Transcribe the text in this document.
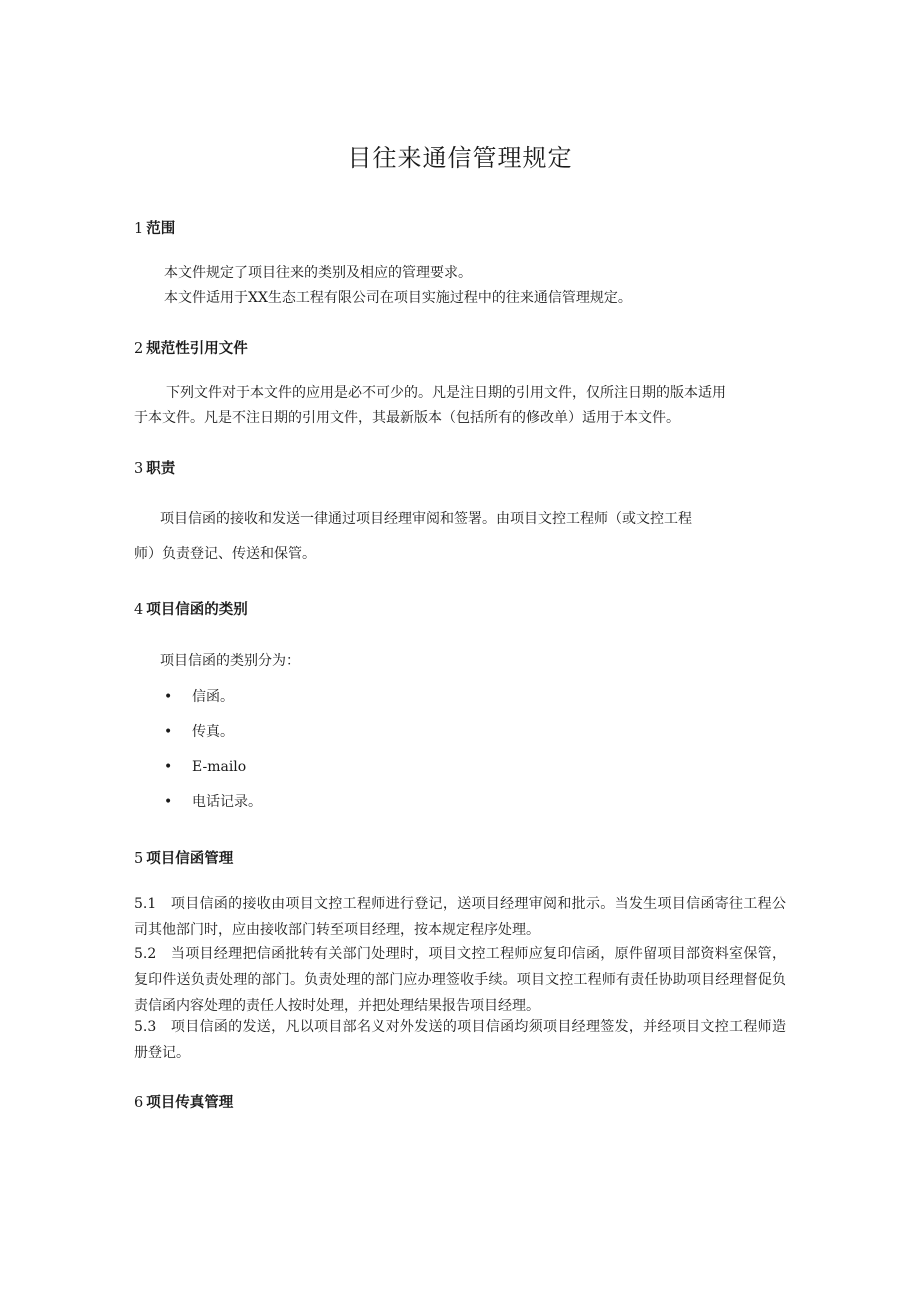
目往来通信管理规定
1 范围

本文件规定了项目往来的类别及相应的管理要求。

本文件适用于XX生态工程有限公司在项目实施过程中的往来通信管理规定。

2 规范性引用文件

下列文件对于本文件的应用是必不可少的。凡是注日期的引用文件，仅所注日期的版本适用

于本文件。凡是不注日期的引用文件，其最新版本（包括所有的修改单）适用于本文件。

3 职责

项目信函的接收和发送一律通过项目经理审阅和签署。由项目文控工程师（或文控工程

师）负责登记、传送和保管。

4 项目信函的类别

项目信函的类别分为：

• 信函。
• 传真。
• E-mailo
• 电话记录。
5 项目信函管理

5.1　项目信函的接收由项目文控工程师进行登记，送项目经理审阅和批示。当发生项目信函寄往工程公司其他部门时，应由接收部门转至项目经理，按本规定程序处理。

5.2　当项目经理把信函批转有关部门处理时，项目文控工程师应复印信函，原件留项目部资料室保管，复印件送负责处理的部门。负责处理的部门应办理签收手续。项目文控工程师有责任协助项目经理督促负责信函内容处理的责任人按时处理，并把处理结果报告项目经理。

5.3　项目信函的发送，凡以项目部名义对外发送的项目信函均须项目经理签发，并经项目文控工程师造册登记。

6 项目传真管理
